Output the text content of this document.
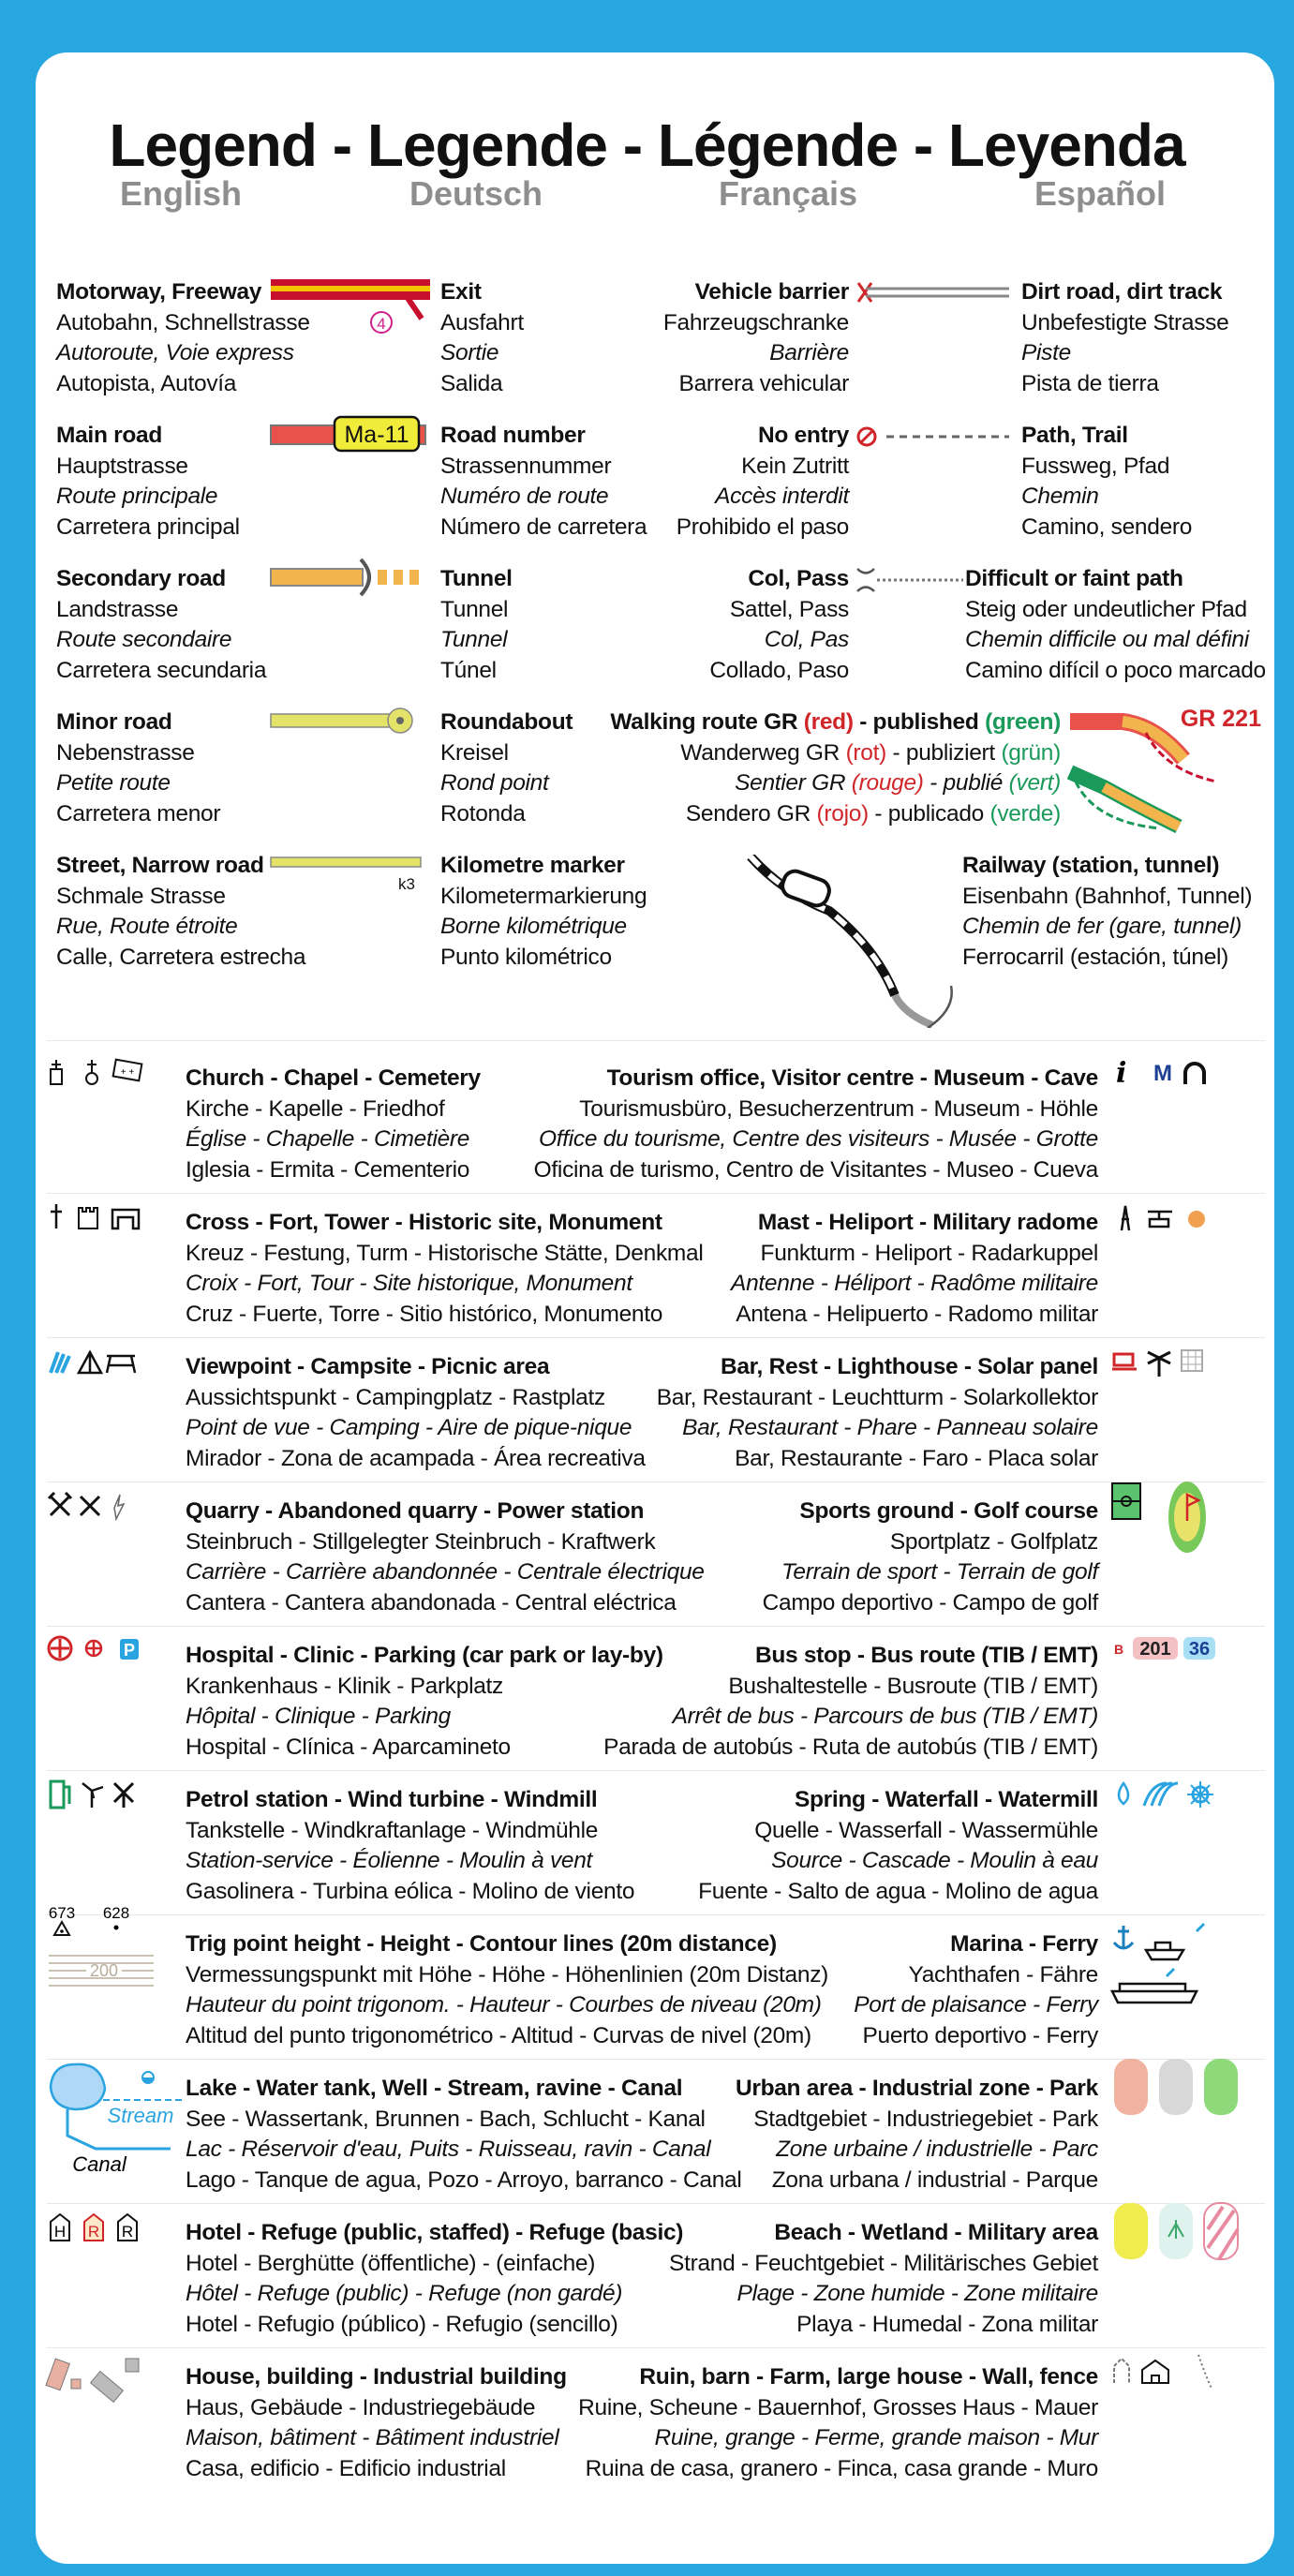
Legend - Legende - Légende - Leyenda
English	Deutsch	Français	Español
Motorway, Freeway
Autobahn, Schnellstrasse
Autoroute, Voie express
Autopista, Autovía
Exit
Ausfahrt
Sortie
Salida
Vehicle barrier
Fahrzeugschranke
Barrière
Barrera vehicular
Dirt road, dirt track
Unbefestigte Strasse
Piste
Pista de tierra
Main road
Hauptstrasse
Route principale
Carretera principal
Road number
Strassennummer
Numéro de route
Número de carretera
No entry
Kein Zutritt
Accès interdit
Prohibido el paso
Path, Trail
Fussweg, Pfad
Chemin
Camino, sendero
Secondary road
Landstrasse
Route secondaire
Carretera secundaria
Tunnel
Tunnel
Tunnel
Túnel
Col, Pass
Sattel, Pass
Col, Pas
Collado, Paso
Difficult or faint path
Steig oder undeutlicher Pfad
Chemin difficile ou mal défini
Camino difícil o poco marcado
Minor road
Nebenstrasse
Petite route
Carretera menor
Roundabout
Kreisel
Rond point
Rotonda
Walking route GR (red) - published (green)
Wanderweg GR (rot) - publiziert (grün)
Sentier GR (rouge) - publié (vert)
Sendero GR (rojo) - publicado (verde)
Street, Narrow road
Schmale Strasse
Rue, Route étroite
Calle, Carretera estrecha
Kilometre marker
Kilometermarkierung
Borne kilométrique
Punto kilométrico
Railway (station, tunnel)
Eisenbahn (Bahnhof, Tunnel)
Chemin de fer (gare, tunnel)
Ferrocarril (estación, túnel)
Church - Chapel - Cemetery
Kirche - Kapelle - Friedhof
Église - Chapelle - Cimetière
Iglesia - Ermita - Cementerio
Tourism office, Visitor centre - Museum - Cave
Tourismusbüro, Besucherzentrum - Museum - Höhle
Office du tourisme, Centre des visiteurs - Musée - Grotte
Oficina de turismo, Centro de Visitantes - Museo - Cueva
Cross - Fort, Tower - Historic site, Monument
Kreuz - Festung, Turm - Historische Stätte, Denkmal
Croix - Fort, Tour - Site historique, Monument
Cruz - Fuerte, Torre - Sitio histórico, Monumento
Mast - Heliport - Military radome
Funkturm - Heliport - Radarkuppel
Antenne - Héliport - Radôme militaire
Antena - Helipuerto - Radomo militar
Viewpoint - Campsite - Picnic area
Aussichtspunkt - Campingplatz - Rastplatz
Point de vue - Camping - Aire de pique-nique
Mirador - Zona de acampada - Área recreativa
Bar, Rest - Lighthouse - Solar panel
Bar, Restaurant - Leuchtturm - Solarkollektor
Bar, Restaurant - Phare - Panneau solaire
Bar, Restaurante - Faro - Placa solar
Quarry - Abandoned quarry - Power station
Steinbruch - Stillgelegter Steinbruch - Kraftwerk
Carrière - Carrière abandonnée - Centrale électrique
Cantera - Cantera abandonada - Central eléctrica
Sports ground - Golf course
Sportplatz - Golfplatz
Terrain de sport - Terrain de golf
Campo deportivo - Campo de golf
Hospital - Clinic - Parking (car park or lay-by)
Krankenhaus - Klinik - Parkplatz
Hôpital - Clinique - Parking
Hospital - Clínica - Aparcamineto
Bus stop - Bus route (TIB / EMT)
Bushaltestelle - Busroute (TIB / EMT)
Arrêt de bus - Parcours de bus (TIB / EMT)
Parada de autobús - Ruta de autobús (TIB / EMT)
Petrol station - Wind turbine - Windmill
Tankstelle - Windkraftanlage - Windmühle
Station-service - Éolienne - Moulin à vent
Gasolinera - Turbina eólica - Molino de viento
Spring - Waterfall - Watermill
Quelle - Wasserfall - Wassermühle
Source - Cascade - Moulin à eau
Fuente - Salto de agua - Molino de agua
Trig point height - Height - Contour lines (20m distance)
Vermessungspunkt mit Höhe - Höhe - Höhenlinien (20m Distanz)
Hauteur du point trigonom. - Hauteur - Courbes de niveau (20m)
Altitud del punto trigonométrico - Altitud - Curvas de nivel (20m)
Marina - Ferry
Yachthafen - Fähre
Port de plaisance - Ferry
Puerto deportivo - Ferry
Lake - Water tank, Well - Stream, ravine - Canal
See - Wassertank, Brunnen - Bach, Schlucht - Kanal
Lac - Réservoir d'eau, Puits - Ruisseau, ravin - Canal
Lago - Tanque de agua, Pozo - Arroyo, barranco - Canal
Urban area - Industrial zone - Park
Stadtgebiet - Industriegebiet - Park
Zone urbaine / industrielle - Parc
Zona urbana / industrial - Parque
Hotel - Refuge (public, staffed) - Refuge (basic)
Hotel - Berghütte (öffentliche) - (einfache)
Hôtel - Refuge (public) - Refuge (non gardé)
Hotel - Refugio (público) - Refugio (sencillo)
Beach - Wetland - Military area
Strand - Feuchtgebiet - Militärisches Gebiet
Plage - Zone humide - Zone militaire
Playa - Humedal - Zona militar
House, building - Industrial building
Haus, Gebäude - Industriegebäude
Maison, bâtiment - Bâtiment industriel
Casa, edificio - Edificio industrial
Ruin, barn - Farm, large house - Wall, fence
Ruine, Scheune - Bauernhof, Grosses Haus - Mauer
Ruine, grange - Ferme, grande maison - Mur
Ruina de casa, granero - Finca, casa grande - Muro
+ +	i M
P	B 201 36
673 628
200
Stream
Canal
H R R
4
Ma-11
k3
GR 221
